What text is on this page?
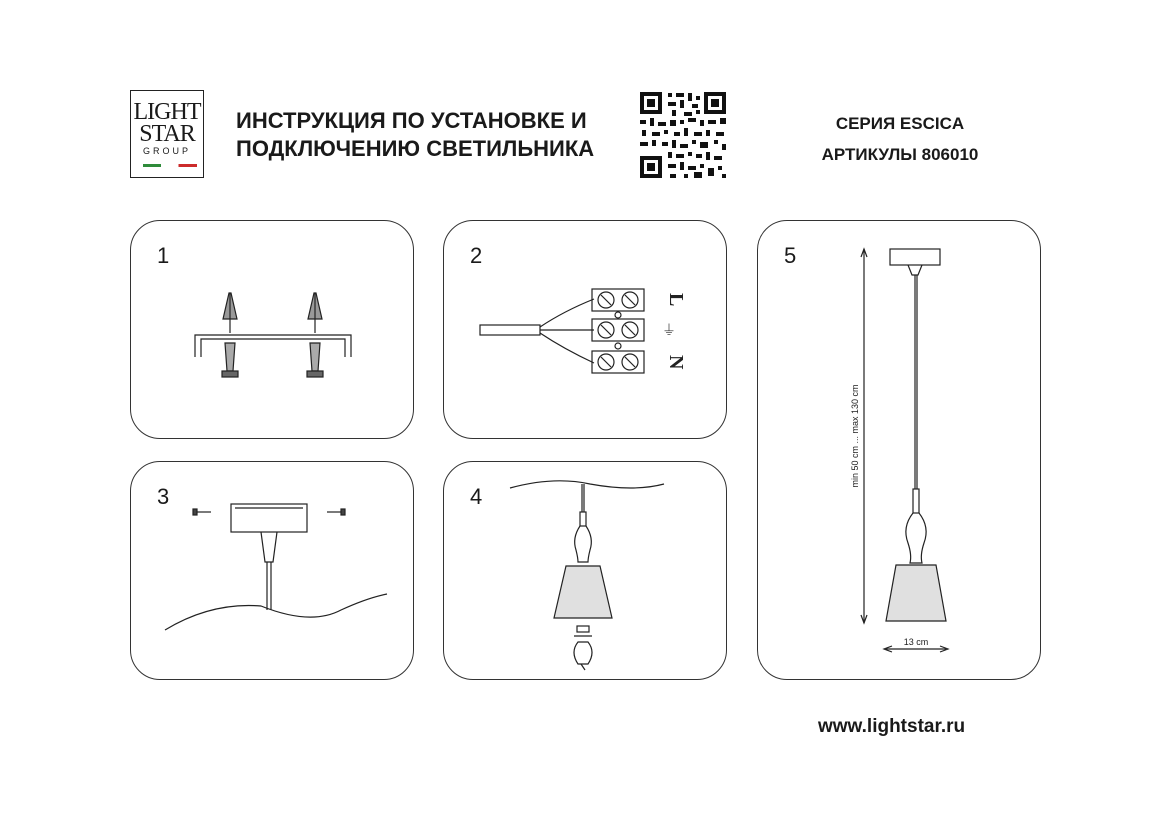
LIGHT
STAR
GROUP
ИНСТРУКЦИЯ ПО УСТАНОВКЕ И
ПОДКЛЮЧЕНИЮ СВЕТИЛЬНИКА
СЕРИЯ ESCICA
АРТИКУЛЫ 806010
1	2
L
⏚
N
5
min 50 cm ... max 130 cm
13 cm
3	4
www.lightstar.ru
